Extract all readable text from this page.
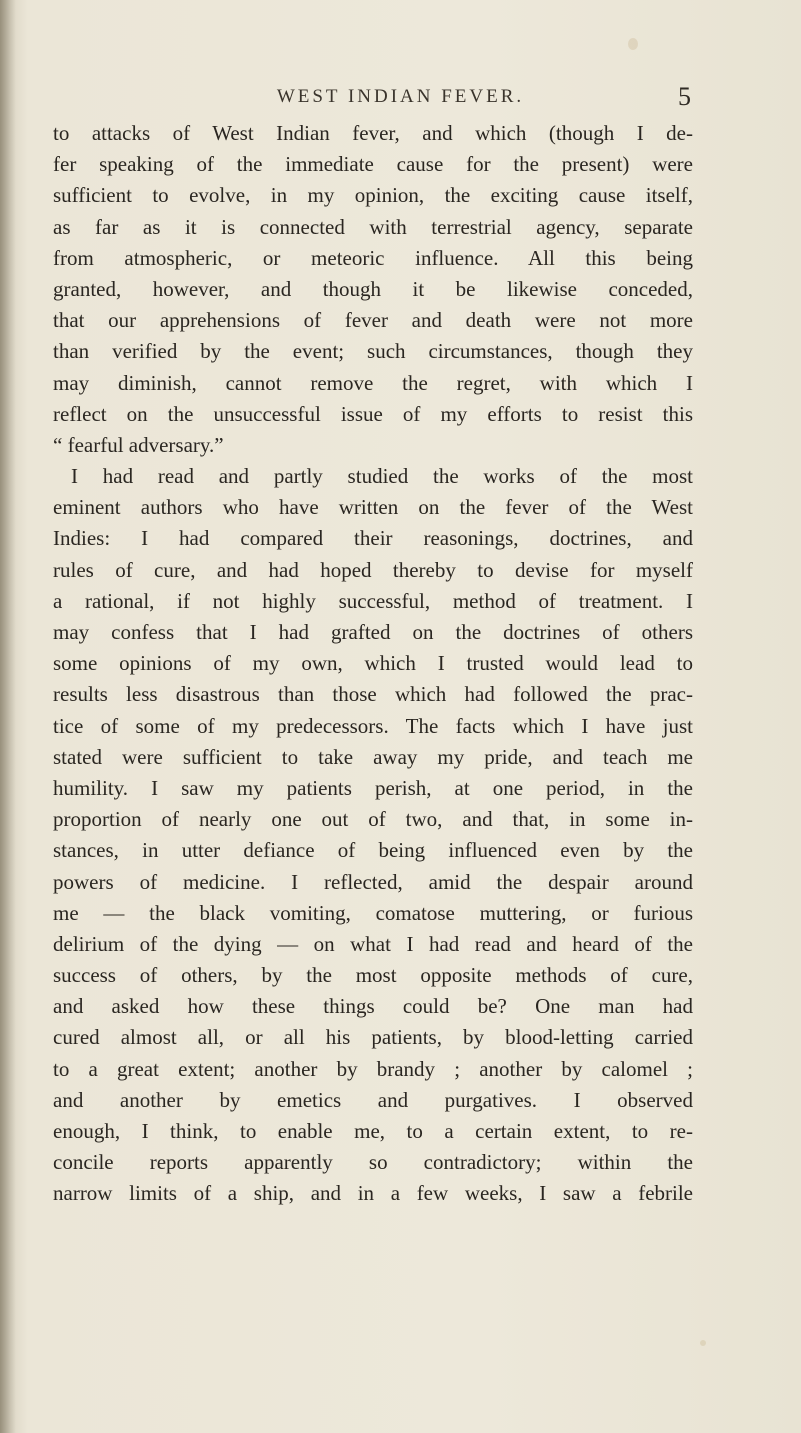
WEST INDIAN FEVER.	5
to attacks of West Indian fever, and which (though I de-
fer speaking of the immediate cause for the present) were
sufficient to evolve, in my opinion, the exciting cause itself,
as far as it is connected with terrestrial agency, separate
from atmospheric, or meteoric influence. All this being
granted, however, and though it be likewise conceded,
that our apprehensions of fever and death were not more
than verified by the event; such circumstances, though they
may diminish, cannot remove the regret, with which I
reflect on the unsuccessful issue of my efforts to resist this
“ fearful adversary.”
I had read and partly studied the works of the most
eminent authors who have written on the fever of the West
Indies: I had compared their reasonings, doctrines, and
rules of cure, and had hoped thereby to devise for myself
a rational, if not highly successful, method of treatment. I
may confess that I had grafted on the doctrines of others
some opinions of my own, which I trusted would lead to
results less disastrous than those which had followed the prac-
tice of some of my predecessors. The facts which I have just
stated were sufficient to take away my pride, and teach me
humility. I saw my patients perish, at one period, in the
proportion of nearly one out of two, and that, in some in-
stances, in utter defiance of being influenced even by the
powers of medicine. I reflected, amid the despair around
me — the black vomiting, comatose muttering, or furious
delirium of the dying — on what I had read and heard of the
success of others, by the most opposite methods of cure,
and asked how these things could be? One man had
cured almost all, or all his patients, by blood-letting carried
to a great extent; another by brandy ; another by calomel ;
and another by emetics and purgatives. I observed
enough, I think, to enable me, to a certain extent, to re-
concile reports apparently so contradictory; within the
narrow limits of a ship, and in a few weeks, I saw a febrile
